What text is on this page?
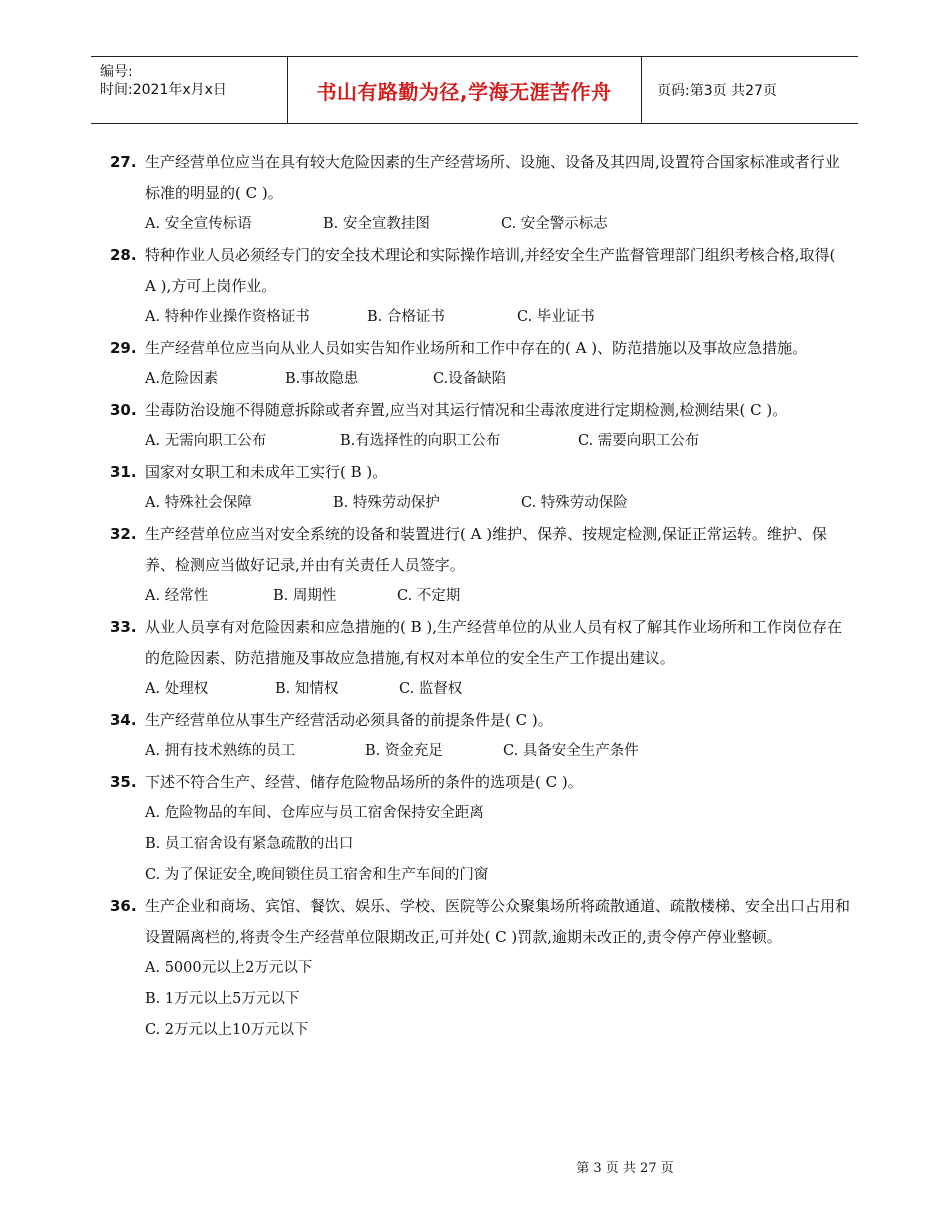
编号:
时间:2021年x月x日	书山有路勤为径,学海无涯苦作舟	页码:第3页 共27页
27. 生产经营单位应当在具有较大危险因素的生产经营场所、设施、设备及其四周,设置符合国家标准或者行业标准的明显的( C )。
A. 安全宣传标语	B. 安全宣教挂图	C. 安全警示标志
28. 特种作业人员必须经专门的安全技术理论和实际操作培训,并经安全生产监督管理部门组织考核合格,取得( A ),方可上岗作业。
A. 特种作业操作资格证书	B. 合格证书	C. 毕业证书
29. 生产经营单位应当向从业人员如实告知作业场所和工作中存在的( A )、防范措施以及事故应急措施。
A.危险因素	B.事故隐患	C.设备缺陷
30. 尘毒防治设施不得随意拆除或者弃置,应当对其运行情况和尘毒浓度进行定期检测,检测结果( C )。
A. 无需向职工公布	B.有选择性的向职工公布	C. 需要向职工公布
31. 国家对女职工和未成年工实行( B )。
A. 特殊社会保障	B. 特殊劳动保护	C. 特殊劳动保险
32. 生产经营单位应当对安全系统的设备和装置进行( A )维护、保养、按规定检测,保证正常运转。维护、保养、检测应当做好记录,并由有关责任人员签字。
A. 经常性	B. 周期性	C. 不定期
33. 从业人员享有对危险因素和应急措施的( B ),生产经营单位的从业人员有权了解其作业场所和工作岗位存在的危险因素、防范措施及事故应急措施,有权对本单位的安全生产工作提出建议。
A. 处理权	B. 知情权	C. 监督权
34. 生产经营单位从事生产经营活动必须具备的前提条件是( C )。
A. 拥有技术熟练的员工	B. 资金充足	C. 具备安全生产条件
35. 下述不符合生产、经营、储存危险物品场所的条件的选项是( C )。
A. 危险物品的车间、仓库应与员工宿舍保持安全距离
B. 员工宿舍设有紧急疏散的出口
C. 为了保证安全,晚间锁住员工宿舍和生产车间的门窗
36. 生产企业和商场、宾馆、餐饮、娱乐、学校、医院等公众聚集场所将疏散通道、疏散楼梯、安全出口占用和设置隔离栏的,将责令生产经营单位限期改正,可并处( C )罚款,逾期未改正的,责令停产停业整顿。
A. 5000元以上2万元以下
B. 1万元以上5万元以下
C. 2万元以上10万元以下
第 3 页 共 27 页
